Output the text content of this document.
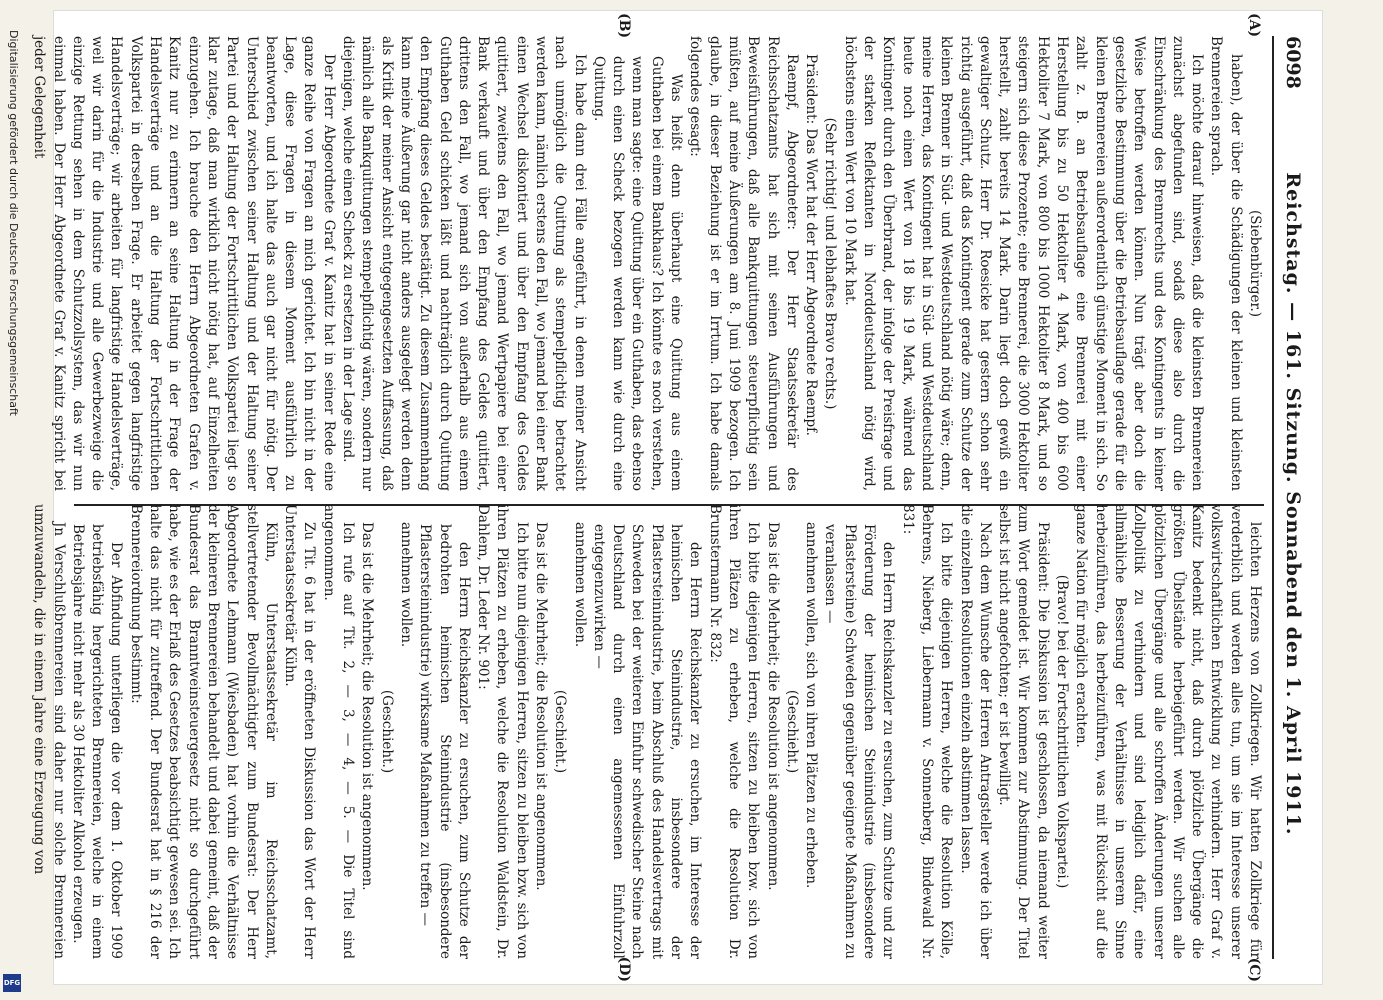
6098
Reichstag. — 161. Sitzung. Sonnabend den 1. April 1911.

(Siebenbürger.)

haben), der über die Schädigungen der kleinen und kleinsten Brennereien sprach.

Ich möchte darauf hinweisen, daß die kleinsten Brennereien zunächst abgefunden sind, sodaß diese also durch die Einschränkung des Brennrechts und des Kontingents in keiner Weise betroffen werden können. Nun trägt aber doch die gesetzliche Bestimmung über die Betriebsauflage gerade für die kleinen Brennereien außerordentlich günstige Moment in sich. So zahlt z. B. an Betriebsauflage eine Brennerei mit einer Herstellung bis zu 50 Hektoliter 4 Mark, von 400 bis 600 Hektoliter 7 Mark, von 800 bis 1000 Hektoliter 8 Mark, und so steigern sich diese Prozente; eine Brennerei, die 3000 Hektoliter herstellt, zahlt bereits 14 Mark. Darin liegt doch gewiß ein gewaltiger Schutz. Herr Dr. Roesicke hat gestern schon sehr richtig ausgeführt, daß das Kontingent gerade zum Schutze der kleinen Brenner in Süd- und Westdeutschland nötig wäre; denn, meine Herren, das Kontingent hat in Süd- und Westdeutschland heute noch einen Wert von 18 bis 19 Mark, während das Kontingent durch den Überbrand, der infolge der Preisfrage und der starken Reflektanten in Norddeutschland nötig wird, höchstens einen Wert von 10 Mark hat.

(Sehr richtig! und lebhaftes Bravo rechts.)

Präsident: Das Wort hat der Herr Abgeordnete Raempf.

Raempf, Abgeordneter: Der Herr Staatssekretär des Reichsschatzamts hat sich mit seinen Ausführungen und Beweisführungen, daß alle Bankquittungen steuerpflichtig sein müßten, auf meine Äußerungen am 8. Juni 1909 bezogen. Ich glaube, in dieser Beziehung ist er im Irrtum. Ich habe damals folgendes gesagt:

Was heißt denn überhaupt eine Quittung aus einem Guthaben bei einem Bankhaus? Ich könnte es noch verstehen, wenn man sagte: eine Quittung über ein Guthaben, das ebenso durch einen Scheck bezogen werden kann wie durch eine Quittung.

Ich habe dann drei Fälle angeführt, in denen meiner Ansicht nach unmöglich die Quittung als stempelpflichtig betrachtet werden kann, nämlich erstens den Fall, wo jemand bei einer Bank einen Wechsel diskontiert und über den Empfang des Geldes quittiert, zweitens den Fall, wo jemand Wertpapiere bei einer Bank verkauft und über den Empfang des Geldes quittiert, drittens den Fall, wo jemand sich von außerhalb aus einem Guthaben Geld schicken läßt und nachträglich durch Quittung den Empfang dieses Geldes bestätigt. Zu diesem Zusammenhang kann meine Äußerung gar nicht anders ausgelegt werden denn als Kritik der meiner Ansicht entgegengesetzten Auffassung, daß nämlich alle Bankquittungen stempelpflichtig wären, sondern nur diejenigen, welche einen Scheck zu ersetzen in der Lage sind.

Der Herr Abgeordnete Graf v. Kanitz hat in seiner Rede eine ganze Reihe von Fragen an mich gerichtet. Ich bin nicht in der Lage, diese Fragen in diesem Moment ausführlich zu beantworten, und ich halte das auch gar nicht für nötig. Der Unterschied zwischen seiner Haltung und der Haltung seiner Partei und der Haltung der Fortschrittlichen Volkspartei liegt so klar zutage, daß man wirklich nicht nötig hat, auf Einzelheiten einzugehen. Ich brauche den Herrn Abgeordneten Grafen v. Kanitz nur zu erinnern an seine Haltung in der Frage der Handelsverträge und an die Haltung der Fortschrittlichen Volkspartei in derselben Frage. Er arbeitet gegen langfristige Handelsverträge; wir arbeiten für langfristige Handelsverträge, weil wir darin für die Industrie und alle Gewerbezweige die einzige Rettung sehen in dem Schutzzollsystem, das wir nun einmal haben. Der Herr Abgeordnete Graf v. Kanitz spricht bei jeder Gelegenheit

leichten Herzens von Zollkriegen. Wir hatten Zollkriege für verderblich und werden alles tun, um sie im Interesse unserer volkswirtschaftlichen Entwicklung zu verhindern. Herr Graf v. Kanitz bedenkt nicht, daß durch plötzliche Übergänge die größten Übelstände herbeigeführt werden. Wir suchen alle plötzlichen Übergänge und alle schroffen Änderungen unserer Zollpolitik zu verhindern und sind lediglich dafür, eine allmähliche Besserung der Verhältnisse in unserem Sinne herbeizuführen, das herbeizuführen, was mit Rücksicht auf die ganze Nation für möglich erachten.

(Bravo! bei der Fortschrittlichen Volkspartei.)

Präsident: Die Diskussion ist geschlossen, da niemand weiter zum Wort gemeldet ist. Wir kommen zur Abstimmung. Der Titel selbst ist nicht angefochten; er ist bewilligt.

Nach dem Wunsche der Herren Antragsteller werde ich über die einzelnen Resolutionen einzeln abstimmen lassen.

Ich bitte diejenigen Herren, welche die Resolution Kölle, Behrens, Nieberg, Liebermann v. Sonnenberg, Bindewald Nr. 831:

den Herrn Reichskanzler zu ersuchen, zum Schutze und zur Förderung der heimischen Steinindustrie (insbesondere Pflastersteine) Schweden gegenüber geeignete Maßnahmen zu veranlassen —

annehmen wollen, sich von ihren Plätzen zu erheben.

(Geschieht.)

Das ist die Mehrheit; die Resolution ist angenommen.

Ich bitte diejenigen Herren, sitzen zu bleiben bzw. sich von ihren Plätzen zu erheben, welche die Resolution Dr. Brunstermann Nr. 832:

den Herrn Reichskanzler zu ersuchen, im Interesse der heimischen Steinindustrie, insbesondere der Pflastersteinindustrie, beim Abschluß des Handelsvertrags mit Schweden bei der weiteren Einfuhr schwedischer Steine nach Deutschland durch einen angemessenen Einfuhrzoll entgegenzuwirken —

annehmen wollen.

(Geschieht.)

Das ist die Mehrheit; die Resolution ist angenommen.

Ich bitte nun diejenigen Herren, sitzen zu bleiben bzw. sich von ihren Plätzen zu erheben, welche die Resolution Waldstein, Dr. Dahlem, Dr. Leder Nr. 901:

den Herrn Reichskanzler zu ersuchen, zum Schutze der bedrohten heimischen Steinindustrie (insbesondere Pflastersteinindustrie) wirksame Maßnahmen zu treffen —

annehmen wollen.

(Geschieht.)

Das ist die Mehrheit; die Resolution ist angenommen.

Ich rufe auf Tit. 2, — 3, — 4, — 5. — Die Titel sind angenommen.

Zu Tit. 6 hat in der eröffneten Diskussion das Wort der Herr Unterstaatssekretär Kühn.

Kühn, Unterstaatssekretär im Reichsschatzamt, stellvertretender Bevollmächtigter zum Bundesrat: Der Herr Abgeordnete Lehmann (Wiesbaden) hat vorhin die Verhältnisse der kleineren Brennereien behandelt und dabei gemeint, daß der Bundesrat das Branntweinsteuergesetz nicht so durchgeführt habe, wie es der Erlaß des Gesetzes beabsichtigt gewesen sei. Ich halte das nicht für zutreffend. Der Bundesrat hat in § 216 der Brennereiordnung bestimmt:

Der Abfindung unterliegen die vor dem 1. Oktober 1909 betriebsfähig hergerichteten Brennereien, welche in einem Betriebsjahre nicht mehr als 30 Hektoliter Alkohol erzeugen.

Jn Verschlußbrennereien sind daher nur solche Brennereien umzuwandeln, die in einem Jahre eine Erzeugung von

(A)
(B)
(C)
(D)
Digitalisierung gefördert durch die Deutsche Forschungsgemeinschaft
DFG
